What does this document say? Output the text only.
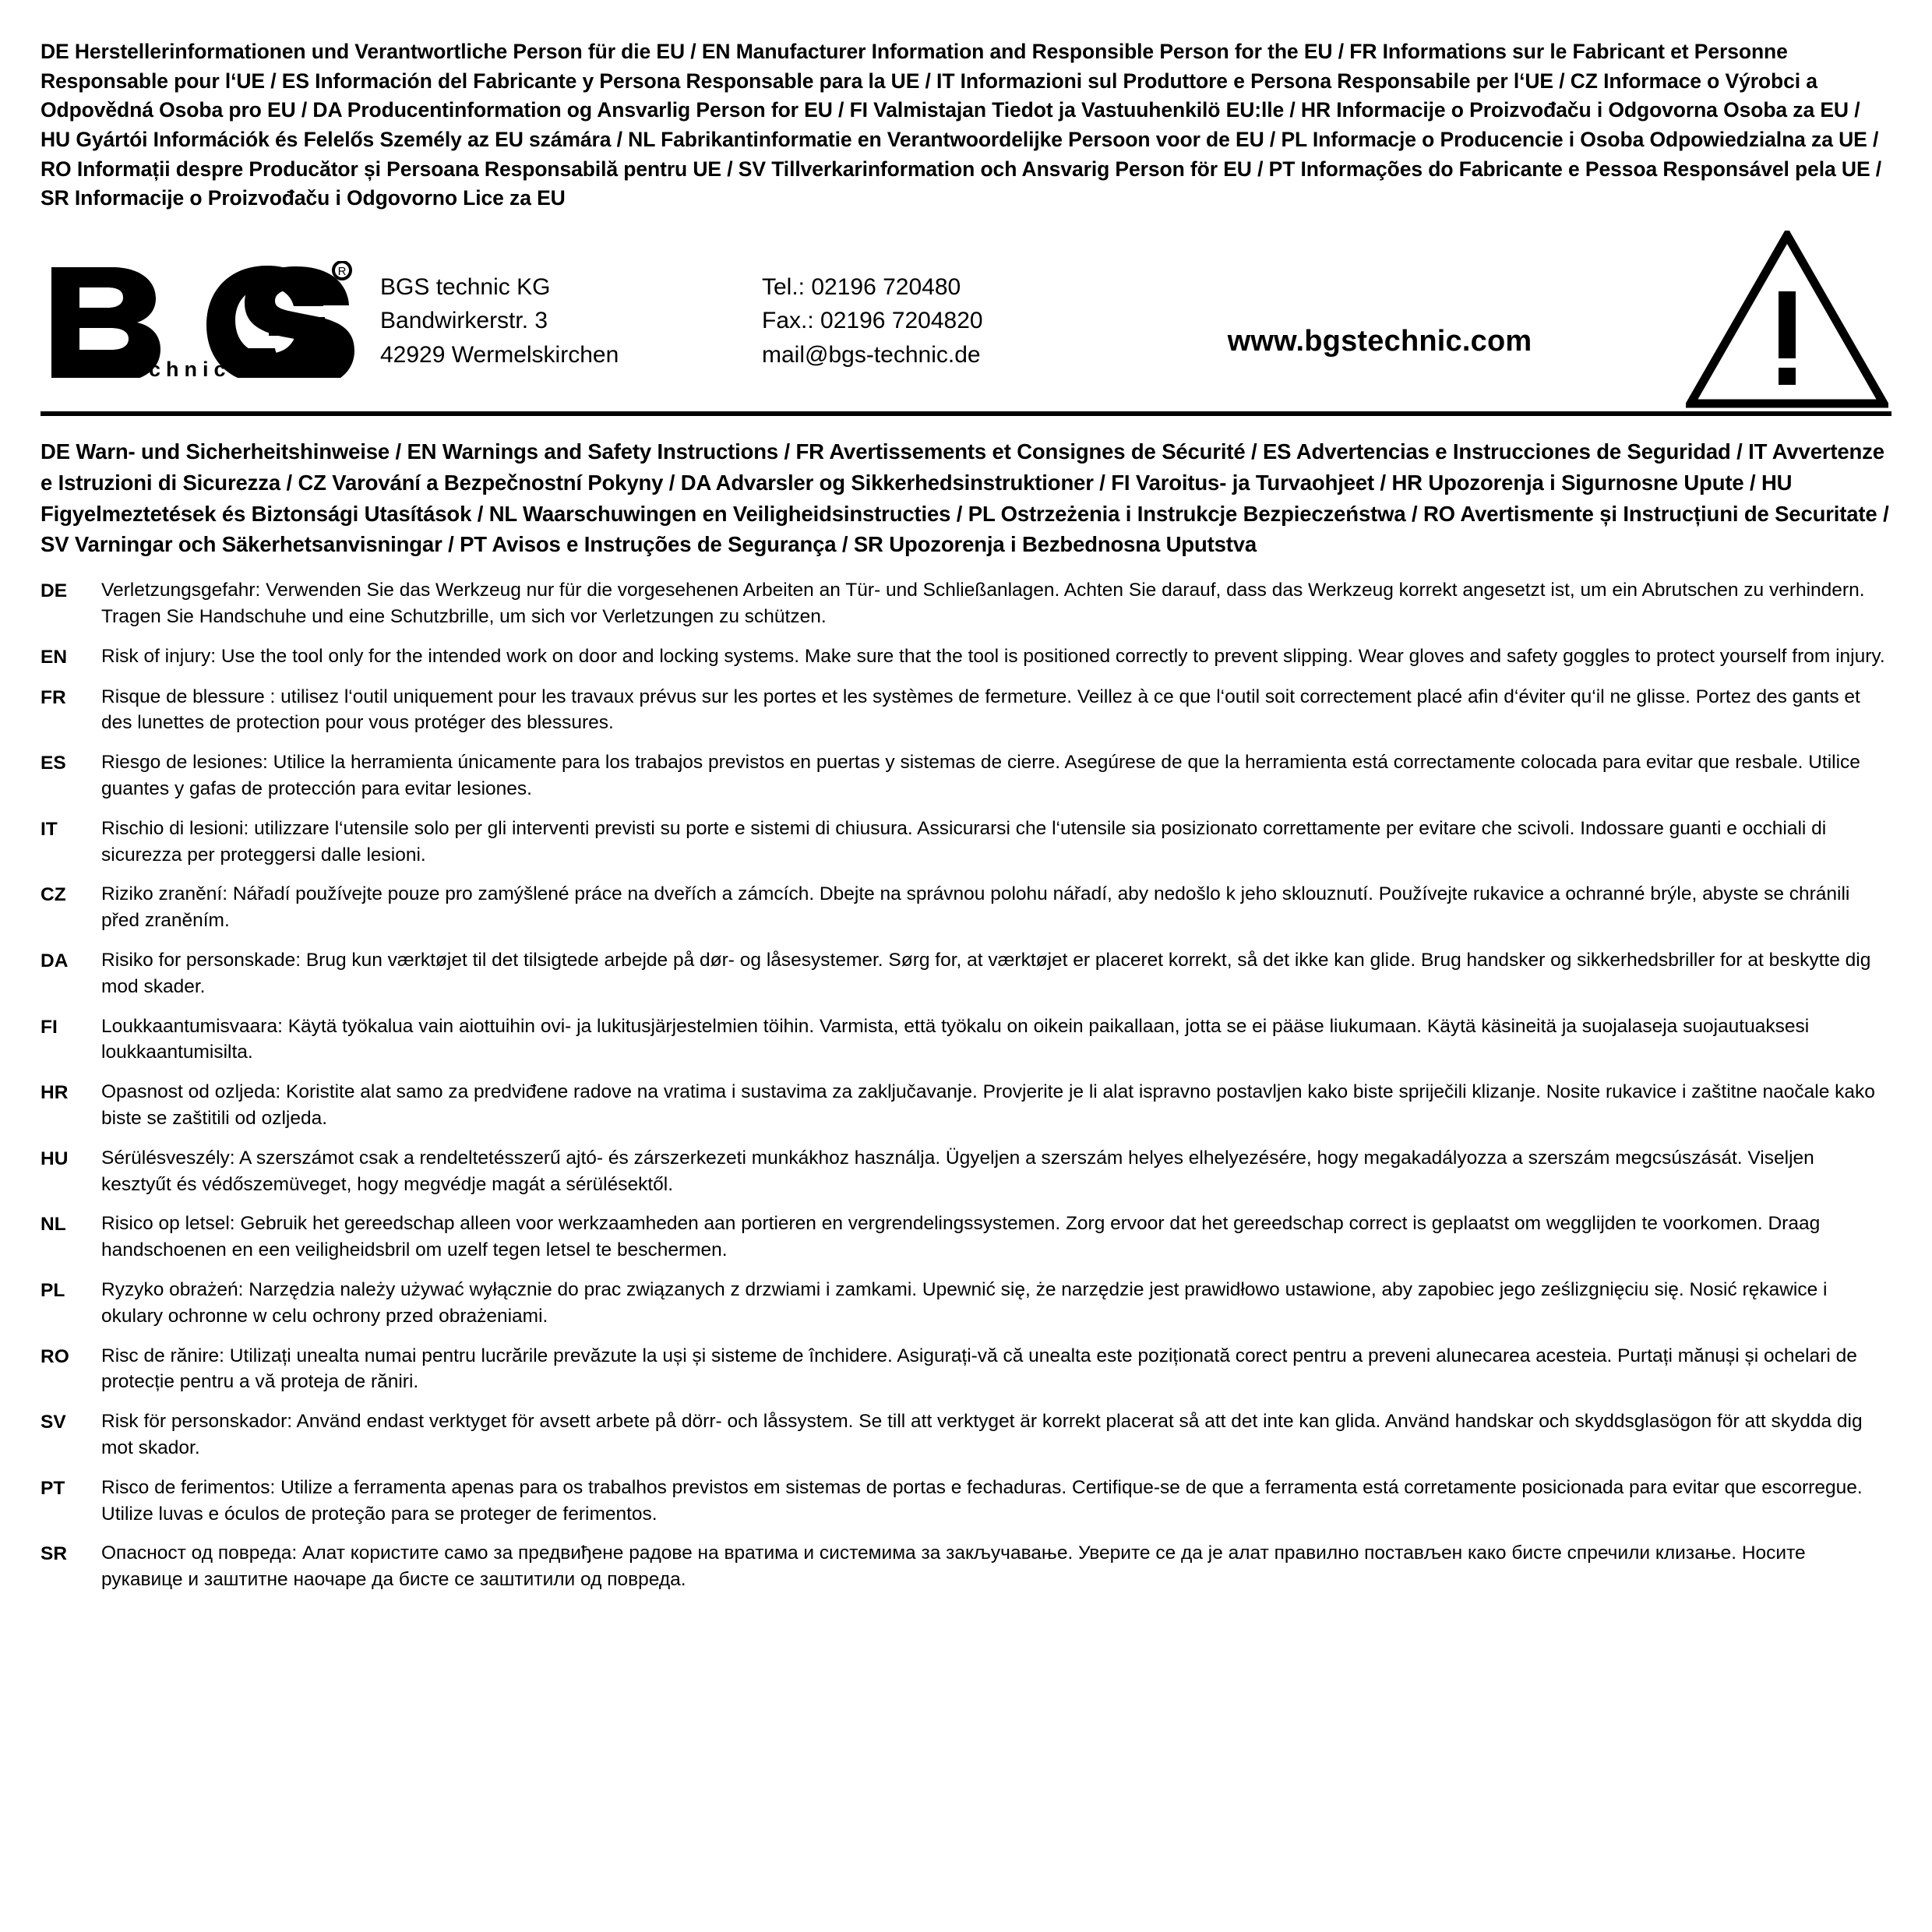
DE Herstellerinformationen und Verantwortliche Person für die EU / EN Manufacturer Information and Responsible Person for the EU / FR Informations sur le Fabricant et Personne Responsable pour l‘UE / ES Información del Fabricante y Persona Responsable para la UE / IT Informazioni sul Produttore e Persona Responsabile per l‘UE / CZ Informace o Výrobci a Odpovědná Osoba pro EU / DA Producentinformation og Ansvarlig Person for EU / FI Valmistajan Tiedot ja Vastuuhenkilö EU:lle / HR Informacije o Proizvođaču i Odgovorna Osoba za EU / HU Gyártói Információk és Felelős Személy az EU számára / NL Fabrikantinformatie en Verantwoordelijke Persoon voor de EU / PL Informacje o Producencie i Osoba Odpowiedzialna za UE / RO Informații despre Producător și Persoana Responsabilă pentru UE / SV Tillverkarinformation och Ansvarig Person för EU / PT Informações do Fabricante e Pessoa Responsável pela UE / SR Informacije o Proizvođaču i Odgovorno Lice za EU
R
technic
BGS technic KG
Bandwirkerstr. 3
42929 Wermelskirchen
Tel.: 02196 720480
Fax.: 02196 7204820
mail@bgs-technic.de	www.bgstechnic.com
DE Warn- und Sicherheitshinweise / EN Warnings and Safety Instructions / FR Avertissements et Consignes de Sécurité / ES Advertencias e Instrucciones de Seguridad / IT Avvertenze e Istruzioni di Sicurezza / CZ Varování a Bezpečnostní Pokyny / DA Advarsler og Sikkerhedsinstruktioner / FI Varoitus- ja Turvaohjeet / HR Upozorenja i Sigurnosne Upute / HU Figyelmeztetések és Biztonsági Utasítások / NL Waarschuwingen en Veiligheidsinstructies / PL Ostrzeżenia i Instrukcje Bezpieczeństwa / RO Avertismente și Instrucțiuni de Securitate / SV Varningar och Säkerhetsanvisningar / PT Avisos e Instruções de Segurança / SR Upozorenja i Bezbednosna Uputstva
DE	Verletzungsgefahr: Verwenden Sie das Werkzeug nur für die vorgesehenen Arbeiten an Tür- und Schließanlagen. Achten Sie darauf, dass das Werkzeug korrekt angesetzt ist, um ein Abrutschen zu verhindern. Tragen Sie Handschuhe und eine Schutzbrille, um sich vor Verletzungen zu schützen.
EN	Risk of injury: Use the tool only for the intended work on door and locking systems. Make sure that the tool is positioned correctly to prevent slipping. Wear gloves and safety goggles to protect yourself from injury.
FR	Risque de blessure : utilisez l‘outil uniquement pour les travaux prévus sur les portes et les systèmes de fermeture. Veillez à ce que l‘outil soit correctement placé afin d‘éviter qu‘il ne glisse. Portez des gants et des lunettes de protection pour vous protéger des blessures.
ES	Riesgo de lesiones: Utilice la herramienta únicamente para los trabajos previstos en puertas y sistemas de cierre. Asegúrese de que la herramienta está correctamente colocada para evitar que resbale. Utilice guantes y gafas de protección para evitar lesiones.
IT	Rischio di lesioni: utilizzare l‘utensile solo per gli interventi previsti su porte e sistemi di chiusura. Assicurarsi che l‘utensile sia posizionato correttamente per evitare che scivoli. Indossare guanti e occhiali di sicurezza per proteggersi dalle lesioni.
CZ	Riziko zranění: Nářadí používejte pouze pro zamýšlené práce na dveřích a zámcích. Dbejte na správnou polohu nářadí, aby nedošlo k jeho sklouznutí. Používejte rukavice a ochranné brýle, abyste se chránili před zraněním.
DA	Risiko for personskade: Brug kun værktøjet til det tilsigtede arbejde på dør- og låsesystemer. Sørg for, at værktøjet er placeret korrekt, så det ikke kan glide. Brug handsker og sikkerhedsbriller for at beskytte dig mod skader.
FI	Loukkaantumisvaara: Käytä työkalua vain aiottuihin ovi- ja lukitusjärjestelmien töihin. Varmista, että työkalu on oikein paikallaan, jotta se ei pääse liukumaan. Käytä käsineitä ja suojalaseja suojautuaksesi loukkaantumisilta.
HR	Opasnost od ozljeda: Koristite alat samo za predviđene radove na vratima i sustavima za zaključavanje. Provjerite je li alat ispravno postavljen kako biste spriječili klizanje. Nosite rukavice i zaštitne naočale kako biste se zaštitili od ozljeda.
HU	Sérülésveszély: A szerszámot csak a rendeltetésszerű ajtó- és zárszerkezeti munkákhoz használja. Ügyeljen a szerszám helyes elhelyezésére, hogy megakadályozza a szerszám megcsúszását. Viseljen kesztyűt és védőszemüveget, hogy megvédje magát a sérülésektől.
NL	Risico op letsel: Gebruik het gereedschap alleen voor werkzaamheden aan portieren en vergrendelingssystemen. Zorg ervoor dat het gereedschap correct is geplaatst om wegglijden te voorkomen. Draag handschoenen en een veiligheidsbril om uzelf tegen letsel te beschermen.
PL	Ryzyko obrażeń: Narzędzia należy używać wyłącznie do prac związanych z drzwiami i zamkami. Upewnić się, że narzędzie jest prawidłowo ustawione, aby zapobiec jego ześlizgnięciu się. Nosić rękawice i okulary ochronne w celu ochrony przed obrażeniami.
RO	Risc de rănire: Utilizați unealta numai pentru lucrările prevăzute la uși și sisteme de închidere. Asigurați-vă că unealta este poziționată corect pentru a preveni alunecarea acesteia. Purtați mănuși și ochelari de protecție pentru a vă proteja de răniri.
SV	Risk för personskador: Använd endast verktyget för avsett arbete på dörr- och låssystem. Se till att verktyget är korrekt placerat så att det inte kan glida. Använd handskar och skyddsglasögon för att skydda dig mot skador.
PT	Risco de ferimentos: Utilize a ferramenta apenas para os trabalhos previstos em sistemas de portas e fechaduras. Certifique-se de que a ferramenta está corretamente posicionada para evitar que escorregue. Utilize luvas e óculos de proteção para se proteger de ferimentos.
SR	Опасност од повреда: Алат користите само за предвиђене радове на вратима и системима за закључавање. Уверите се да је алат правилно постављен како бисте спречили клизање. Носите рукавице и заштитне наочаре да бисте се заштитили од повреда.
